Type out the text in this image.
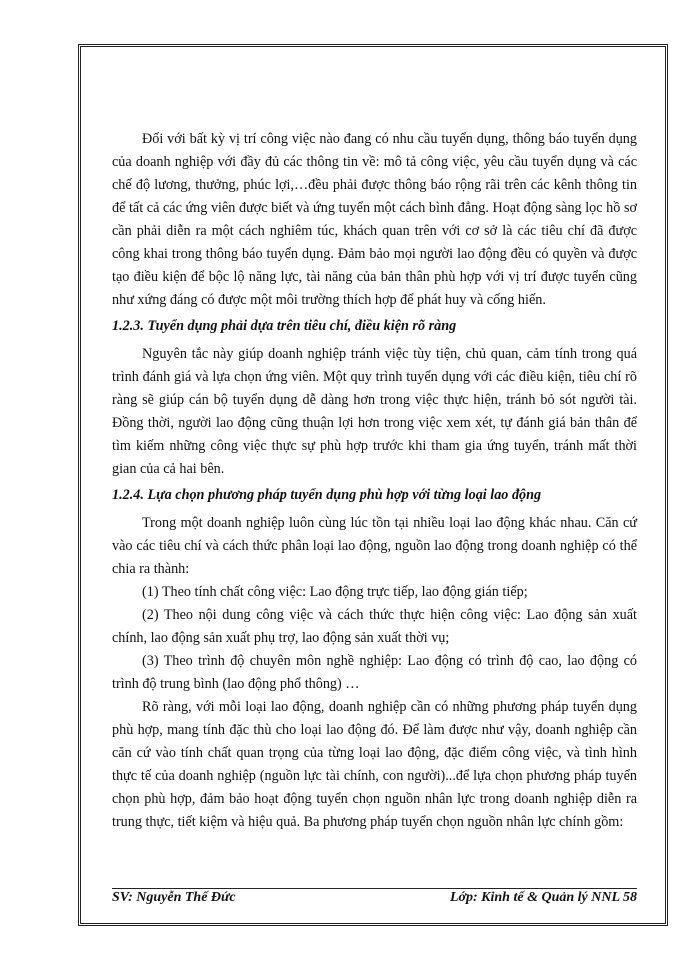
Đối với bất kỳ vị trí công việc nào đang có nhu cầu tuyển dụng, thông báo tuyển dụng của doanh nghiệp với đầy đủ các thông tin về: mô tả công việc, yêu cầu tuyển dụng và các chế độ lương, thưởng, phúc lợi,…đều phải được thông báo rộng rãi trên các kênh thông tin để tất cả các ứng viên được biết và ứng tuyển một cách bình đẳng. Hoạt động sàng lọc hồ sơ cần phải diễn ra một cách nghiêm túc, khách quan trên với cơ sở là các tiêu chí đã được công khai trong thông báo tuyển dụng. Đảm bảo mọi người lao động đều có quyền và được tạo điều kiện để bộc lộ năng lực, tài năng của bản thân phù hợp với vị trí được tuyển cũng như xứng đáng có được một môi trường thích hợp để phát huy và cống hiến.

1.2.3. Tuyển dụng phải dựa trên tiêu chí, điều kiện rõ ràng

Nguyên tắc này giúp doanh nghiệp tránh việc tùy tiện, chủ quan, cảm tính trong quá trình đánh giá và lựa chọn ứng viên. Một quy trình tuyển dụng với các điều kiện, tiêu chí rõ ràng sẽ giúp cán bộ tuyển dụng dễ dàng hơn trong việc thực hiện, tránh bỏ sót người tài. Đồng thời, người lao động cũng thuận lợi hơn trong việc xem xét, tự đánh giá bản thân để tìm kiếm những công việc thực sự phù hợp trước khi tham gia ứng tuyển, tránh mất thời gian của cả hai bên.

1.2.4. Lựa chọn phương pháp tuyển dụng phù hợp với từng loại lao động

Trong một doanh nghiệp luôn cùng lúc tồn tại nhiều loại lao động khác nhau. Căn cứ vào các tiêu chí và cách thức phân loại lao động, nguồn lao động trong doanh nghiệp có thể chia ra thành:

(1) Theo tính chất công việc: Lao động trực tiếp, lao động gián tiếp;

(2) Theo nội dung công việc và cách thức thực hiện công việc: Lao động sản xuất chính, lao động sản xuất phụ trợ, lao động sản xuất thời vụ;

(3) Theo trình độ chuyên môn nghề nghiệp: Lao động có trình độ cao, lao động có trình độ trung bình (lao động phổ thông) …

Rõ ràng, với mỗi loại lao động, doanh nghiệp cần có những phương pháp tuyển dụng phù hợp, mang tính đặc thù cho loại lao động đó. Để làm được như vậy, doanh nghiệp cần căn cứ vào tính chất quan trọng của từng loại lao động, đặc điểm công việc, và tình hình thực tế của doanh nghiệp (nguồn lực tài chính, con người)...để lựa chọn phương pháp tuyển chọn phù hợp, đảm bảo hoạt động tuyển chọn nguồn nhân lực trong doanh nghiệp diễn ra trung thực, tiết kiệm và hiệu quả. Ba phương pháp tuyển chọn nguồn nhân lực chính gồm:

SV: Nguyễn Thế Đức	Lớp: Kinh tế & Quản lý NNL 58
